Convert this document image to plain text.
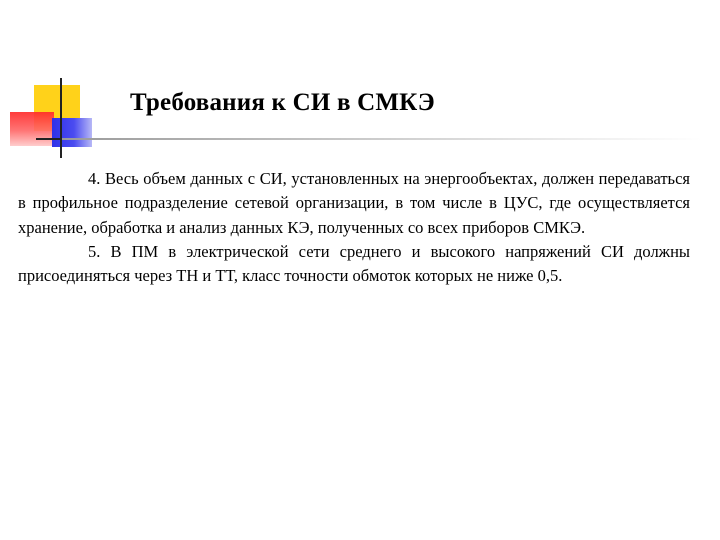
Требования к СИ в СМКЭ

4. Весь объем данных с СИ, установленных на энергообъектах, должен передаваться в профильное подразделение сетевой организации, в том числе в ЦУС, где осуществляется хранение, обработка и анализ данных КЭ, полученных со всех приборов СМКЭ.

5. В ПМ в электрической сети среднего и высокого напряжений СИ должны присоединяться через ТН и ТТ, класс точности обмоток которых не ниже 0,5.
